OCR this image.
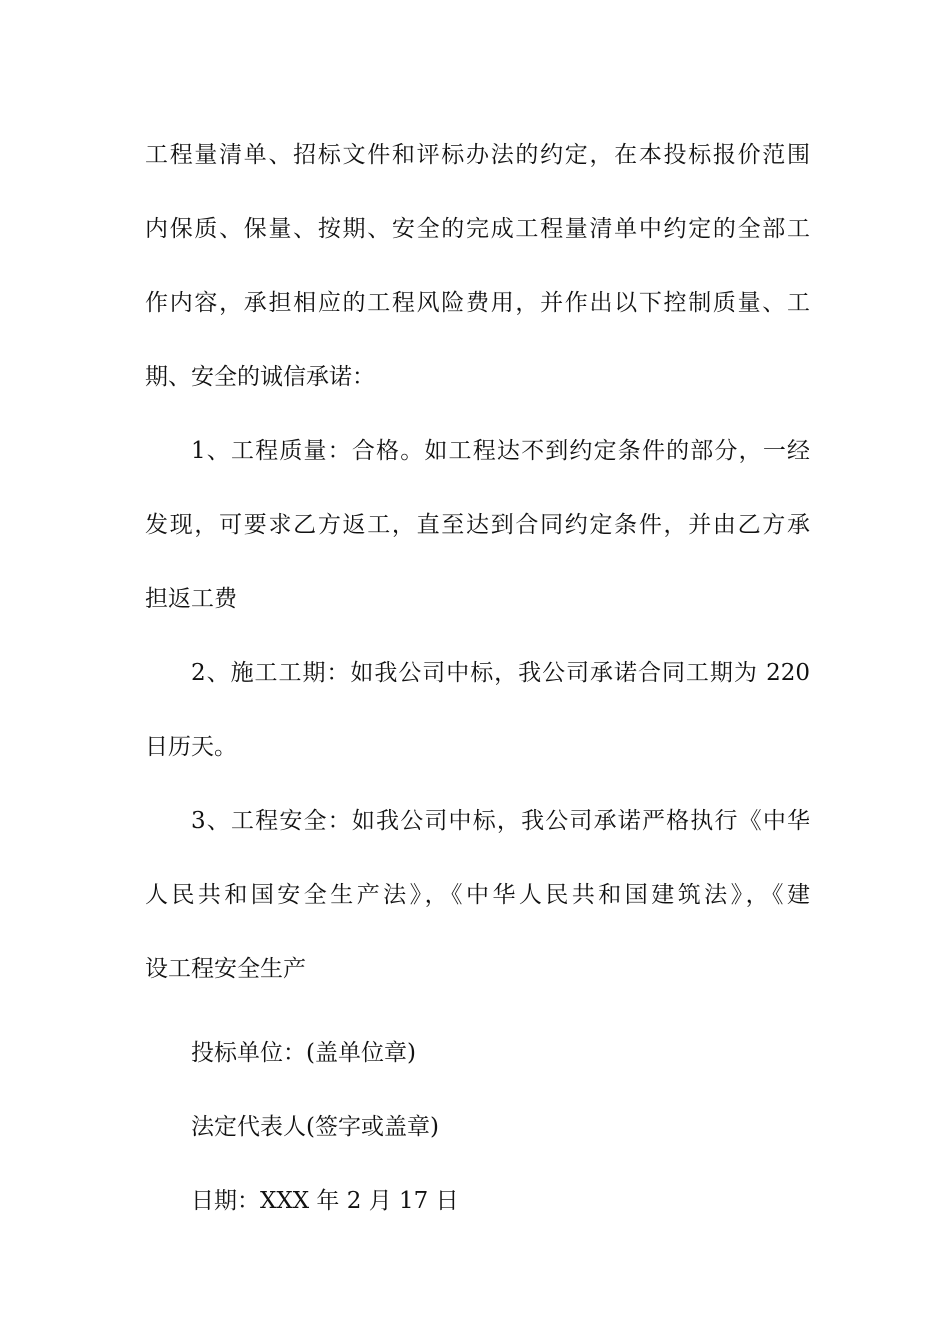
工程量清单、招标文件和评标办法的约定，在本投标报价范围
内保质、保量、按期、安全的完成工程量清单中约定的全部工
作内容，承担相应的工程风险费用，并作出以下控制质量、工
期、安全的诚信承诺：
1、工程质量：合格。如工程达不到约定条件的部分，一经
发现，可要求乙方返工，直至达到合同约定条件，并由乙方承
担返工费
2、施工工期：如我公司中标，我公司承诺合同工期为 220
日历天。
3、工程安全：如我公司中标，我公司承诺严格执行《中华
人民共和国安全生产法》，《中华人民共和国建筑法》，《建
设工程安全生产
投标单位：(盖单位章)
法定代表人(签字或盖章)
日期：XXX 年 2 月 17 日
